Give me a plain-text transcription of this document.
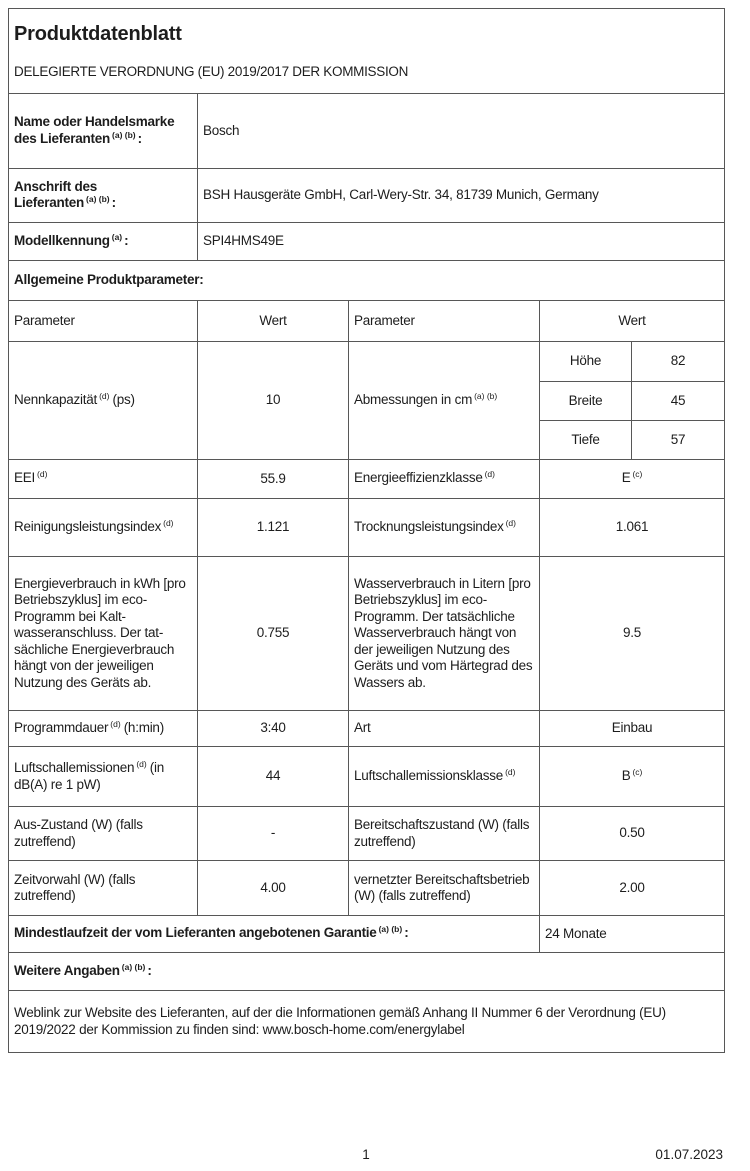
Produktdatenblatt
DELEGIERTE VERORDNUNG (EU) 2019/2017 DER KOMMISSION				

Name oder Handelsmarke des Lieferanten $^{(a) (b)}$ :	Bosch			
Anschrift des Lieferanten $^{(a) (b)}$ :	BSH Hausgeräte GmbH, Carl-Wery-Str. 34, 81739 Munich, Germany			
Modellkennung $^{(a)}$ :	SPI4HMS49E			
Allgemeine Produktparameter:				
Parameter	Wert	Parameter	Wert	
Nennkapazität $^{(d)}$ (ps)	10	Abmessungen in cm $^{(a) (b)}$	Höhe	82
			Breite	45
			Tiefe	57
EEI $^{(d)}$	55.9	Energieeffizienzklasse $^{(d)}$	E $^{(c)}$
Reinigungsleistungsindex $^{(d)}$	1.121	Trocknungsleistungsindex $^{(d)}$	1.061	
Energieverbrauch in kWh [pro Betriebszyklus] im eco-Programm bei Kaltwasseranschluss. Der tatsächliche Energieverbrauch hängt von der jeweiligen Nutzung des Geräts ab.	0.755	Wasserverbrauch in Litern [pro Betriebszyklus] im eco-Programm. Der tatsächliche Wasserverbrauch hängt von der jeweiligen Nutzung des Geräts und vom Härtegrad des Wassers ab.	9.5	
Programmdauer $^{(d)}$ (h:min)	3:40	Art	Einbau	
Luftschallemissionen $^{(d)}$ (in dB(A) re 1 pW)	44	Luftschallemissionsklasse $^{(d)}$	B $^{(c)}$
Aus-Zustand (W) (falls zutreffend)	-	Bereitschaftszustand (W) (falls zutreffend)	0.50	
Zeitvorwahl (W) (falls zutreffend)	4.00	vernetzter Bereitschaftsbetrieb (W) (falls zutreffend)	2.00	
Mindestlaufzeit der vom Lieferanten angebotenen Garantie $^{(a) (b)}$ :			24 Monate	
Weitere Angaben $^{(a) (b)}$ :				
Weblink zur Website des Lieferanten, auf der die Informationen gemäß Anhang II Nummer 6 der Verordnung (EU) 2019/2022 der Kommission zu finden sind: www.bosch-home.com/energylabel				
1	01.07.2023
